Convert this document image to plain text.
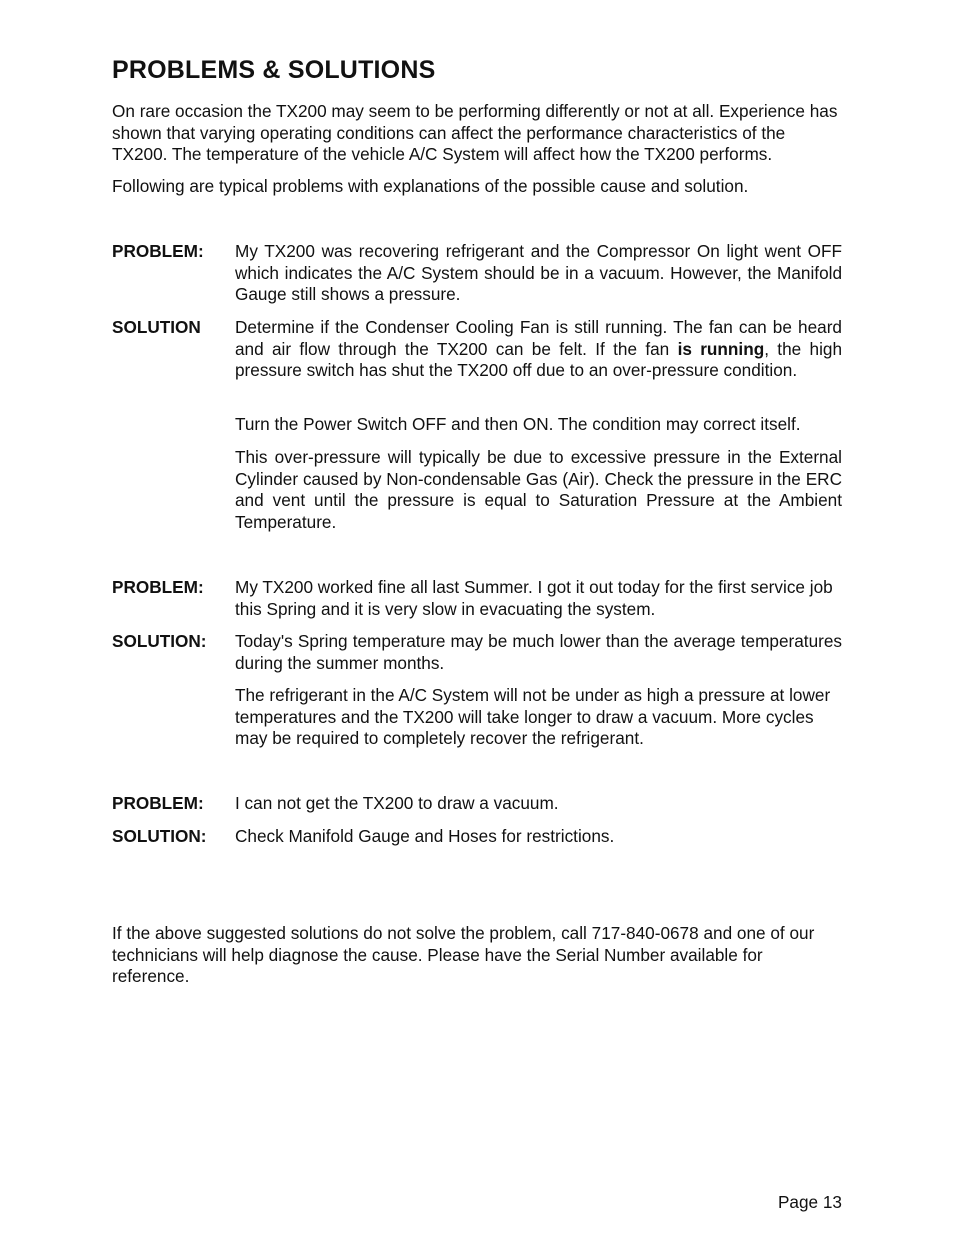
PROBLEMS & SOLUTIONS

On rare occasion the TX200 may seem to be performing differently or not at all. Experience has shown that varying operating conditions can affect the performance characteristics of the TX200. The temperature of the vehicle A/C System will affect how the TX200 performs.

Following are typical problems with explanations of the possible cause and solution.

PROBLEM: My TX200 was recovering refrigerant and the Compressor On light went OFF which indicates the A/C System should be in a vacuum. However, the Manifold Gauge still shows a pressure.

SOLUTION Determine if the Condenser Cooling Fan is still running. The fan can be heard and air flow through the TX200 can be felt. If the fan is running, the high pressure switch has shut the TX200 off due to an over-pressure condition.

Turn the Power Switch OFF and then ON. The condition may correct itself.

This over-pressure will typically be due to excessive pressure in the External Cylinder caused by Non-condensable Gas (Air). Check the pressure in the ERC and vent until the pressure is equal to Saturation Pressure at the Ambient Temperature.

PROBLEM: My TX200 worked fine all last Summer. I got it out today for the first service job this Spring and it is very slow in evacuating the system.

SOLUTION: Today's Spring temperature may be much lower than the average temperatures during the summer months.

The refrigerant in the A/C System will not be under as high a pressure at lower temperatures and the TX200 will take longer to draw a vacuum. More cycles may be required to completely recover the refrigerant.

PROBLEM: I can not get the TX200 to draw a vacuum.

SOLUTION: Check Manifold Gauge and Hoses for restrictions.

If the above suggested solutions do not solve the problem, call 717-840-0678 and one of our technicians will help diagnose the cause. Please have the Serial Number available for reference.

Page 13
